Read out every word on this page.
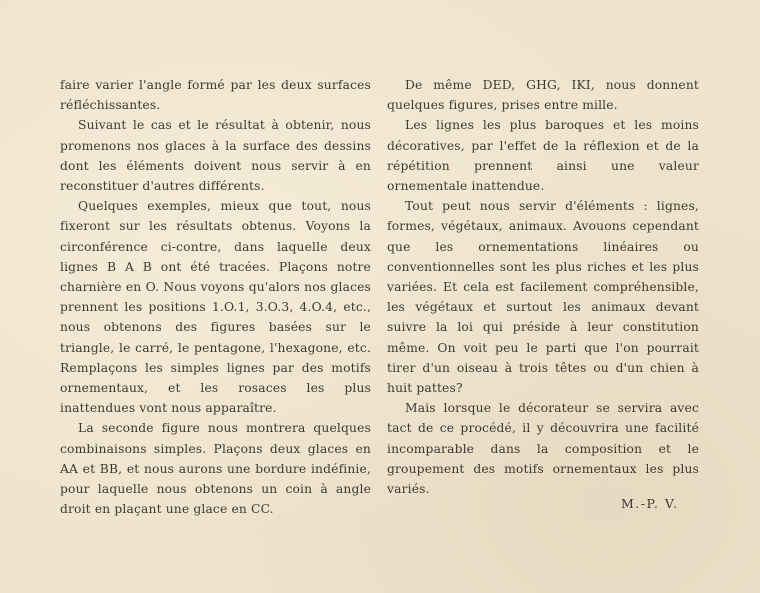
faire varier l'angle formé par les deux surfaces réfléchissantes.

Suivant le cas et le résultat à obtenir, nous promenons nos glaces à la surface des dessins dont les éléments doivent nous servir à en reconstituer d'autres différents.

Quelques exemples, mieux que tout, nous fixeront sur les résultats obtenus. Voyons la circonférence ci-contre, dans laquelle deux lignes B A B ont été tracées. Plaçons notre charnière en O. Nous voyons qu'alors nos glaces prennent les positions 1.O.1, 3.O.3, 4.O.4, etc., nous obtenons des figures basées sur le triangle, le carré, le pentagone, l'hexagone, etc. Remplaçons les simples lignes par des motifs ornementaux, et les rosaces les plus inattendues vont nous apparaître.

La seconde figure nous montrera quelques combinaisons simples. Plaçons deux glaces en AA et BB, et nous aurons une bordure indéfinie, pour laquelle nous obtenons un coin à angle droit en plaçant une glace en CC.

De même DED, GHG, IKI, nous donnent quelques figures, prises entre mille.

Les lignes les plus baroques et les moins décoratives, par l'effet de la réflexion et de la répétition prennent ainsi une valeur ornementale inattendue.

Tout peut nous servir d'éléments : lignes, formes, végétaux, animaux. Avouons cependant que les ornementations linéaires ou conventionnelles sont les plus riches et les plus variées. Et cela est facilement compréhensible, les végétaux et surtout les animaux devant suivre la loi qui préside à leur constitution même. On voit peu le parti que l'on pourrait tirer d'un oiseau à trois têtes ou d'un chien à huit pattes?

Mais lorsque le décorateur se servira avec tact de ce procédé, il y découvrira une facilité incomparable dans la composition et le groupement des motifs ornementaux les plus variés.

M.-P. V.
